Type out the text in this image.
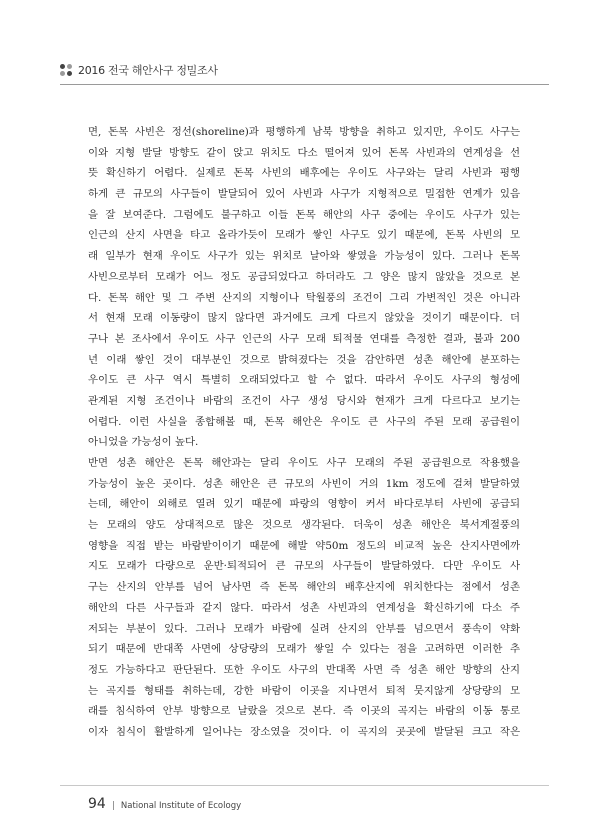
2016 전국 해안사구 정밀조사
면, 돈목 사빈은 정선(shoreline)과 평행하게 남북 방향을 취하고 있지만, 우이도 사구는
이와 지형 발달 방향도 같이 앉고 위치도 다소 떨어져 있어 돈목 사빈과의 연계성을 선
뜻 확신하기 어렵다. 실제로 돈목 사빈의 배후에는 우이도 사구와는 달리 사빈과 평행
하게 큰 규모의 사구들이 발달되어 있어 사빈과 사구가 지형적으로 밀접한 연계가 있음
을 잘 보여준다. 그럼에도 불구하고 이들 돈목 해안의 사구 중에는 우이도 사구가 있는
인근의 산지 사면을 타고 올라가듯이 모래가 쌓인 사구도 있기 때문에, 돈목 사빈의 모
래 일부가 현재 우이도 사구가 있는 위치로 날아와 쌓였을 가능성이 있다. 그러나 돈목
사빈으로부터 모래가 어느 정도 공급되었다고 하더라도 그 양은 많지 않았을 것으로 본
다. 돈목 해안 및 그 주변 산지의 지형이나 탁월풍의 조건이 그리 가변적인 것은 아니라
서 현재 모래 이동량이 많지 않다면 과거에도 크게 다르지 않았을 것이기 때문이다. 더
구나 본 조사에서 우이도 사구 인근의 사구 모래 퇴적물 연대를 측정한 결과, 불과 200
년 이래 쌓인 것이 대부분인 것으로 밝혀졌다는 것을 감안하면 성촌 해안에 분포하는
우이도 큰 사구 역시 특별히 오래되었다고 할 수 없다. 따라서 우이도 사구의 형성에
관계된 지형 조건이나 바람의 조건이 사구 생성 당시와 현재가 크게 다르다고 보기는
어렵다. 이런 사실을 종합해볼 때, 돈목 해안은 우이도 큰 사구의 주된 모래 공급원이
아니었을 가능성이 높다.
반면 성촌 해안은 돈목 해안과는 달리 우이도 사구 모래의 주된 공급원으로 작용했을
가능성이 높은 곳이다. 성촌 해안은 큰 규모의 사빈이 거의 1km 정도에 걸쳐 발달하였
는데, 해안이 외해로 열려 있기 때문에 파랑의 영향이 커서 바다로부터 사빈에 공급되
는 모래의 양도 상대적으로 많은 것으로 생각된다. 더욱이 성촌 해안은 북서계절풍의
영향을 직접 받는 바람받이이기 때문에 해발 약50m 정도의 비교적 높은 산지사면에까
지도 모래가 다량으로 운반·퇴적되어 큰 규모의 사구들이 발달하였다. 다만 우이도 사
구는 산지의 안부를 넘어 남사면 즉 돈목 해안의 배후산지에 위치한다는 점에서 성촌
해안의 다른 사구들과 같지 않다. 따라서 성촌 사빈과의 연계성을 확신하기에 다소 주
저되는 부분이 있다. 그러나 모래가 바람에 실려 산지의 안부를 넘으면서 풍속이 약화
되기 때문에 반대쪽 사면에 상당량의 모래가 쌓일 수 있다는 점을 고려하면 이러한 추
정도 가능하다고 판단된다. 또한 우이도 사구의 반대쪽 사면 즉 성촌 해안 방향의 산지
는 곡지를 형태를 취하는데, 강한 바람이 이곳을 지나면서 퇴적 뭇지않게 상당량의 모
래를 침식하여 안부 방향으로 날랐을 것으로 본다. 즉 이곳의 곡지는 바람의 이동 통로
이자 침식이 활발하게 일어나는 장소였을 것이다. 이 곡지의 곳곳에 발달된 크고 작은
94 | National Institute of Ecology
